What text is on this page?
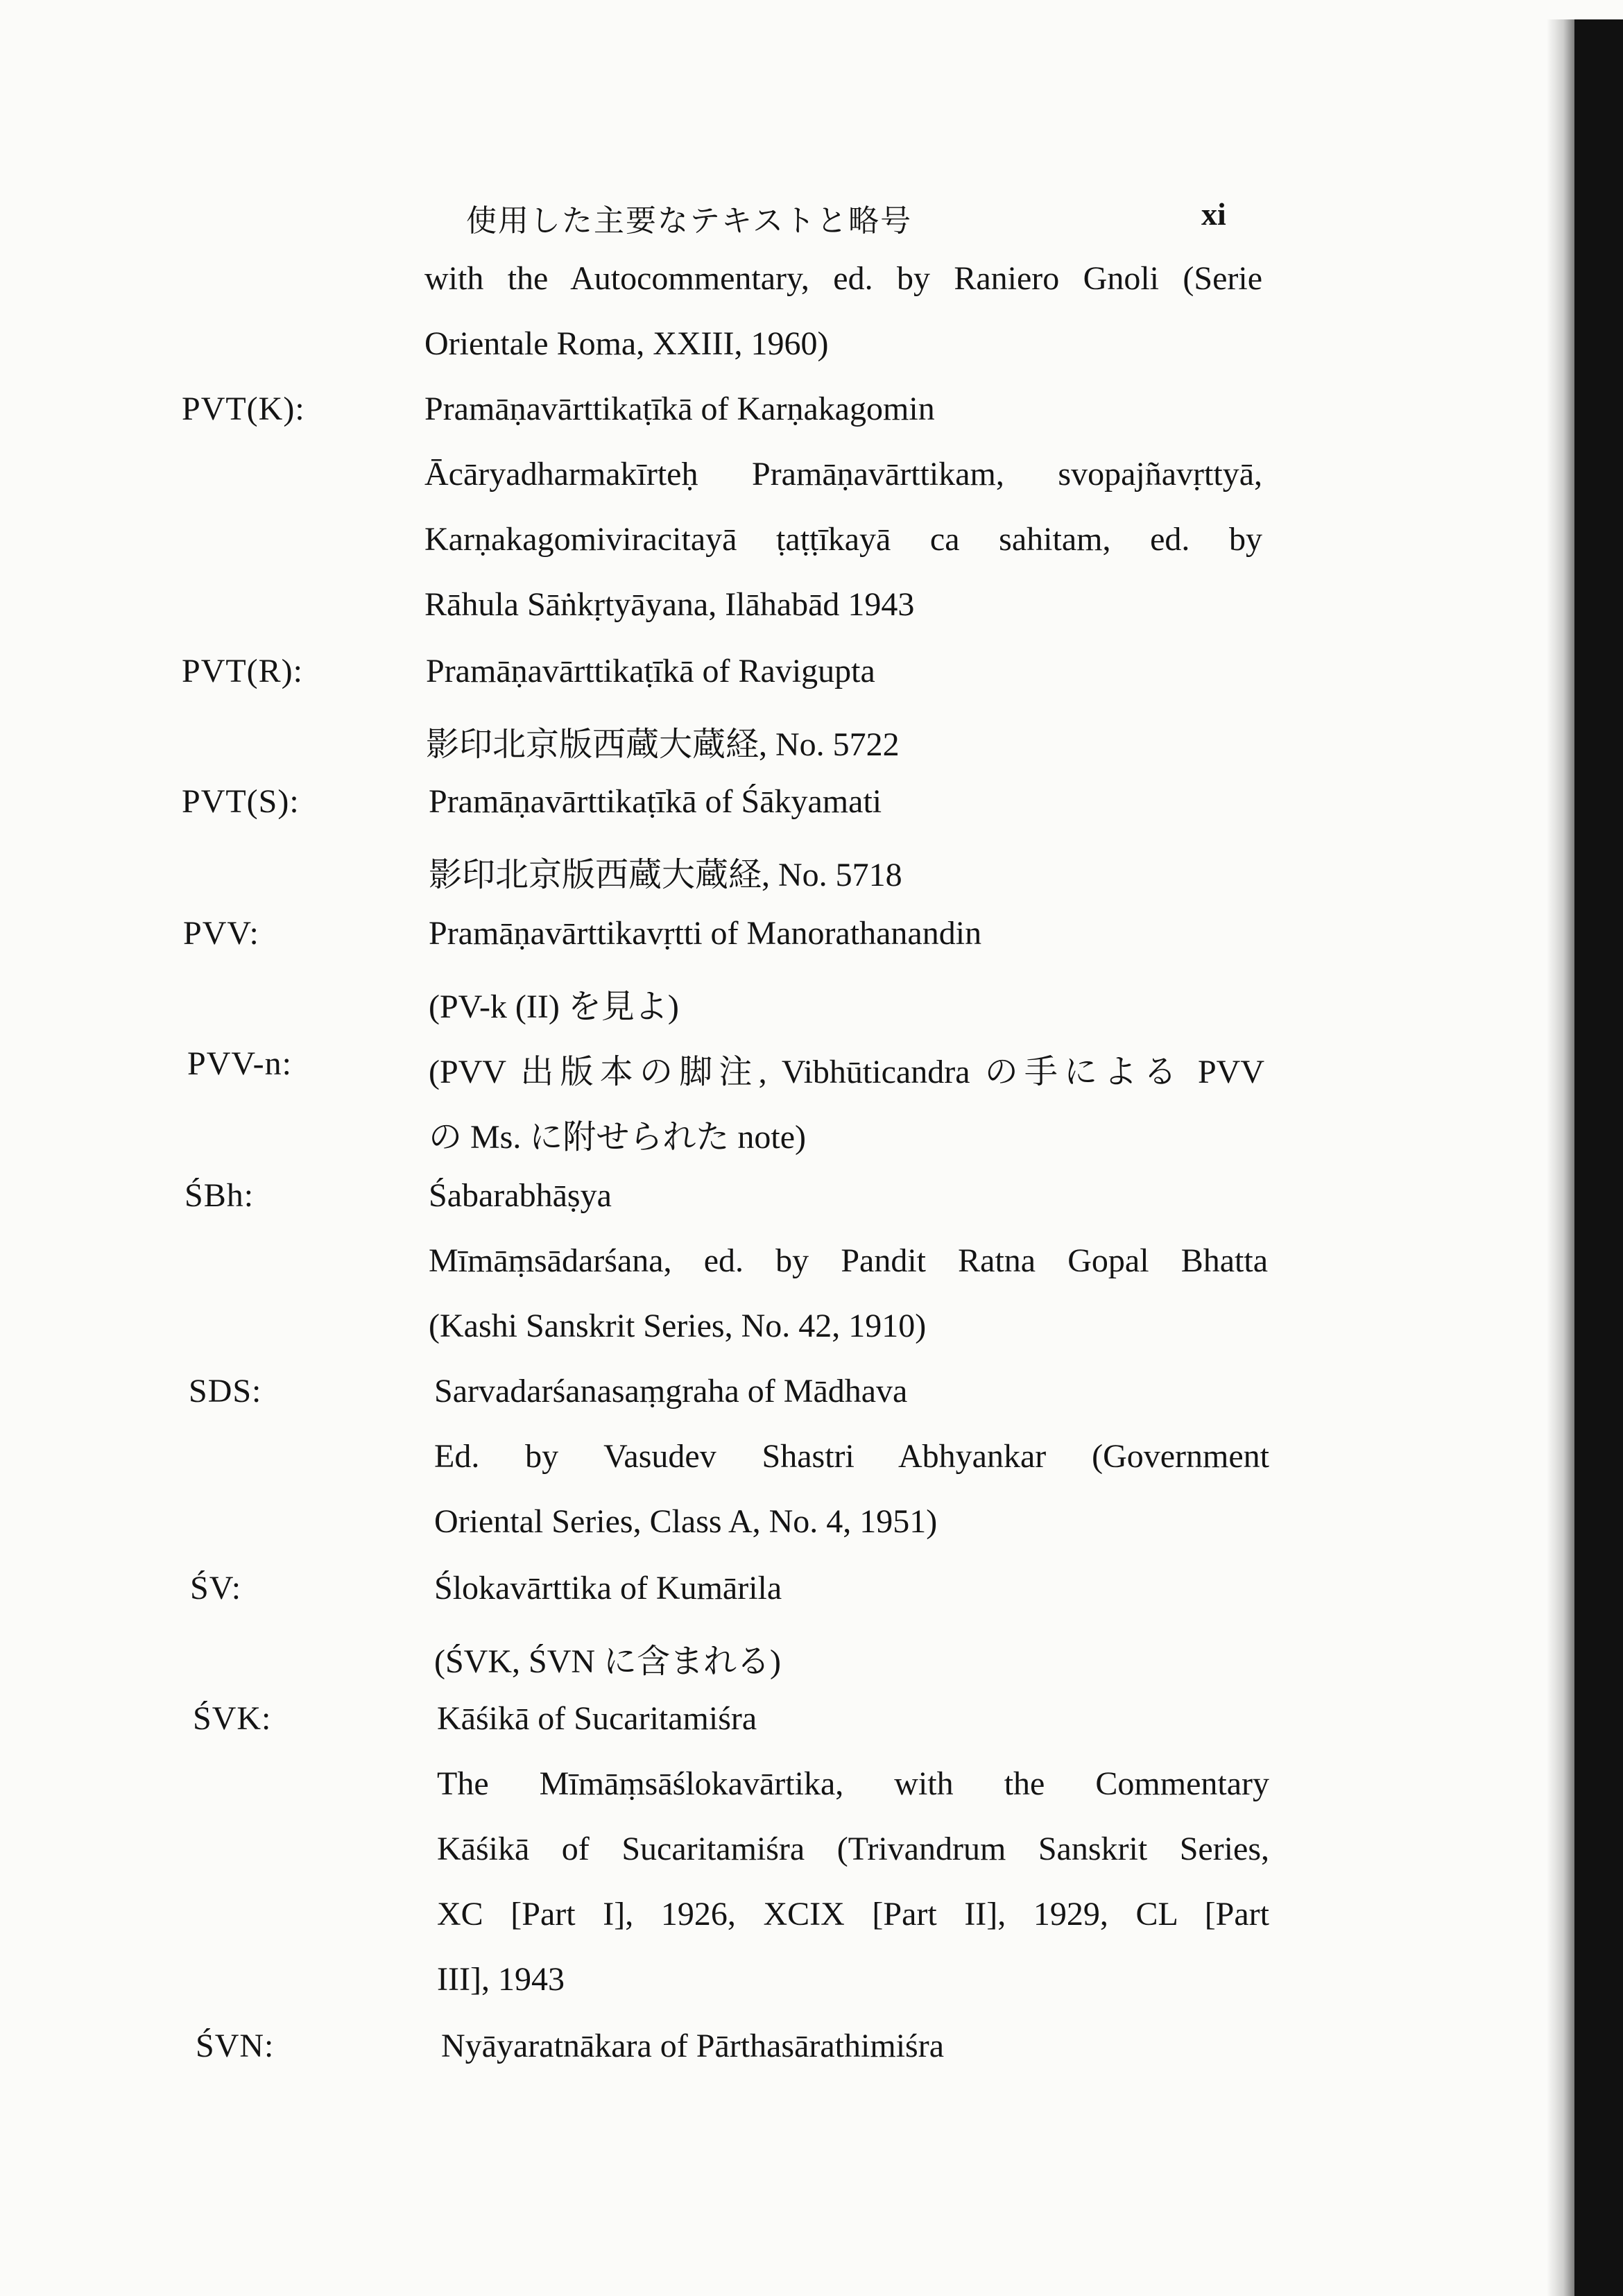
使用した主要なテキストと略号	xi
with the Autocommentary, ed. by Raniero Gnoli (Serie
Orientale Roma, XXIII, 1960)
PVT(K):	Pramāṇavārttikaṭīkā of Karṇakagomin
Ācāryadharmakīrteḥ Pramāṇavārttikam, svopajñavṛttyā,
Karṇakagomiviracitayā ṭaṭṭīkayā ca sahitam, ed. by
Rāhula Sāṅkṛtyāyana, Ilāhabād 1943
PVT(R):	Pramāṇavārttikaṭīkā of Ravigupta
影印北京版西蔵大蔵経, No. 5722
PVT(S):	Pramāṇavārttikaṭīkā of Śākyamati
影印北京版西蔵大蔵経, No. 5718
PVV:	Pramāṇavārttikavṛtti of Manorathanandin
(PV-k (II) を見よ)
PVV-n:	(PVV 出版本の脚注, Vibhūticandra の手による PVV
の Ms. に附せられた note)
ŚBh:	Śabarabhāṣya
Mīmāṃsādarśana, ed. by Pandit Ratna Gopal Bhatta
(Kashi Sanskrit Series, No. 42, 1910)
SDS:	Sarvadarśanasaṃgraha of Mādhava
Ed. by Vasudev Shastri Abhyankar (Government
Oriental Series, Class A, No. 4, 1951)
ŚV:	Ślokavārttika of Kumārila
(ŚVK, ŚVN に含まれる)
ŚVK:	Kāśikā of Sucaritamiśra
The Mīmāṃsāślokavārtika, with the Commentary
Kāśikā of Sucaritamiśra (Trivandrum Sanskrit Series,
XC [Part I], 1926, XCIX [Part II], 1929, CL [Part
III], 1943
ŚVN:	Nyāyaratnākara of Pārthasārathimiśra
